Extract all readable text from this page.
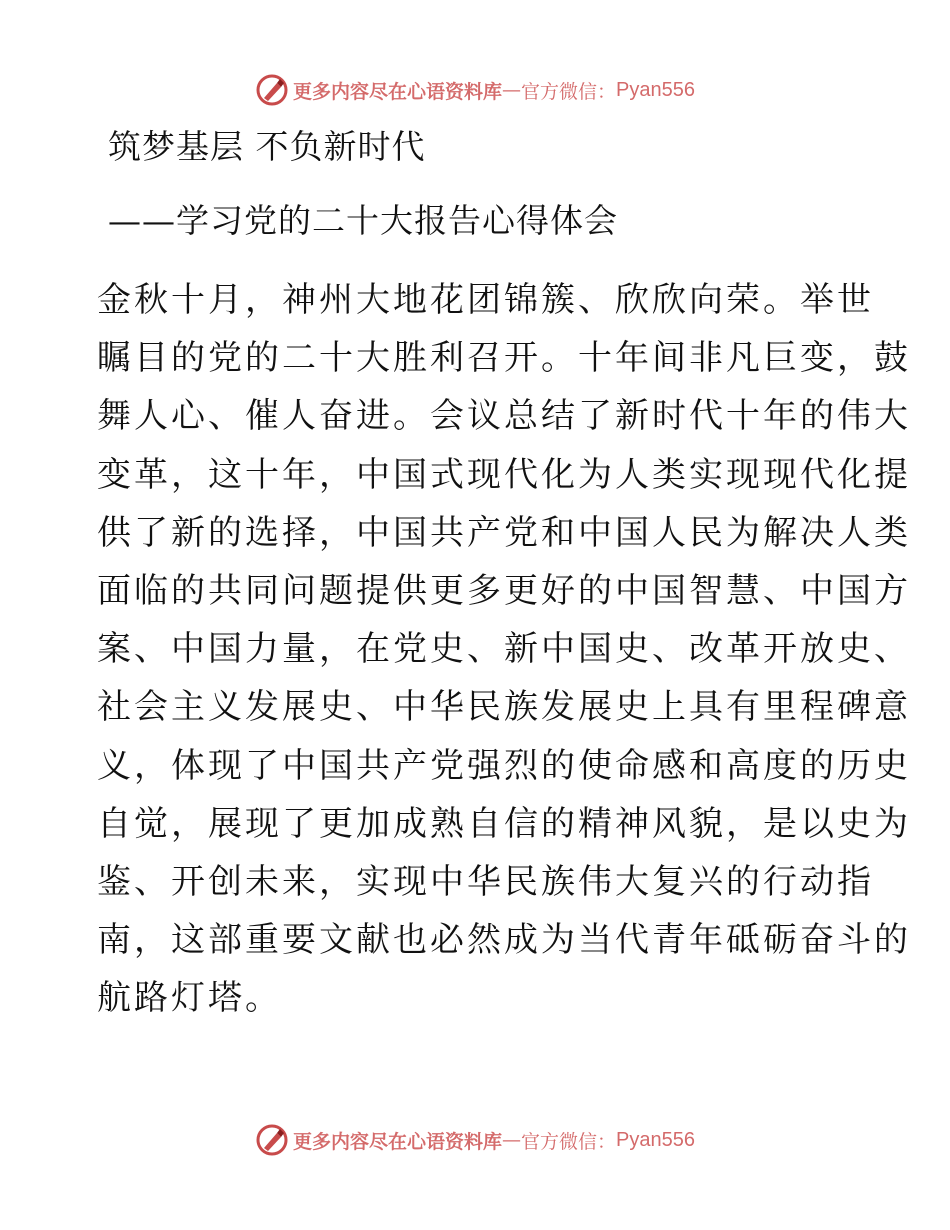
更多内容尽在心语资料库 — 官方微信： Pyan556
筑梦基层 不负新时代
——学习党的二十大报告心得体会
金秋十月，神州大地花团锦簇、欣欣向荣。举世
瞩目的党的二十大胜利召开。十年间非凡巨变，鼓
舞人心、催人奋进。会议总结了新时代十年的伟大
变革，这十年，中国式现代化为人类实现现代化提
供了新的选择，中国共产党和中国人民为解决人类
面临的共同问题提供更多更好的中国智慧、中国方
案、中国力量，在党史、新中国史、改革开放史、
社会主义发展史、中华民族发展史上具有里程碑意
义，体现了中国共产党强烈的使命感和高度的历史
自觉，展现了更加成熟自信的精神风貌，是以史为
鉴、开创未来，实现中华民族伟大复兴的行动指
南，这部重要文献也必然成为当代青年砥砺奋斗的
航路灯塔。
更多内容尽在心语资料库 — 官方微信： Pyan556
